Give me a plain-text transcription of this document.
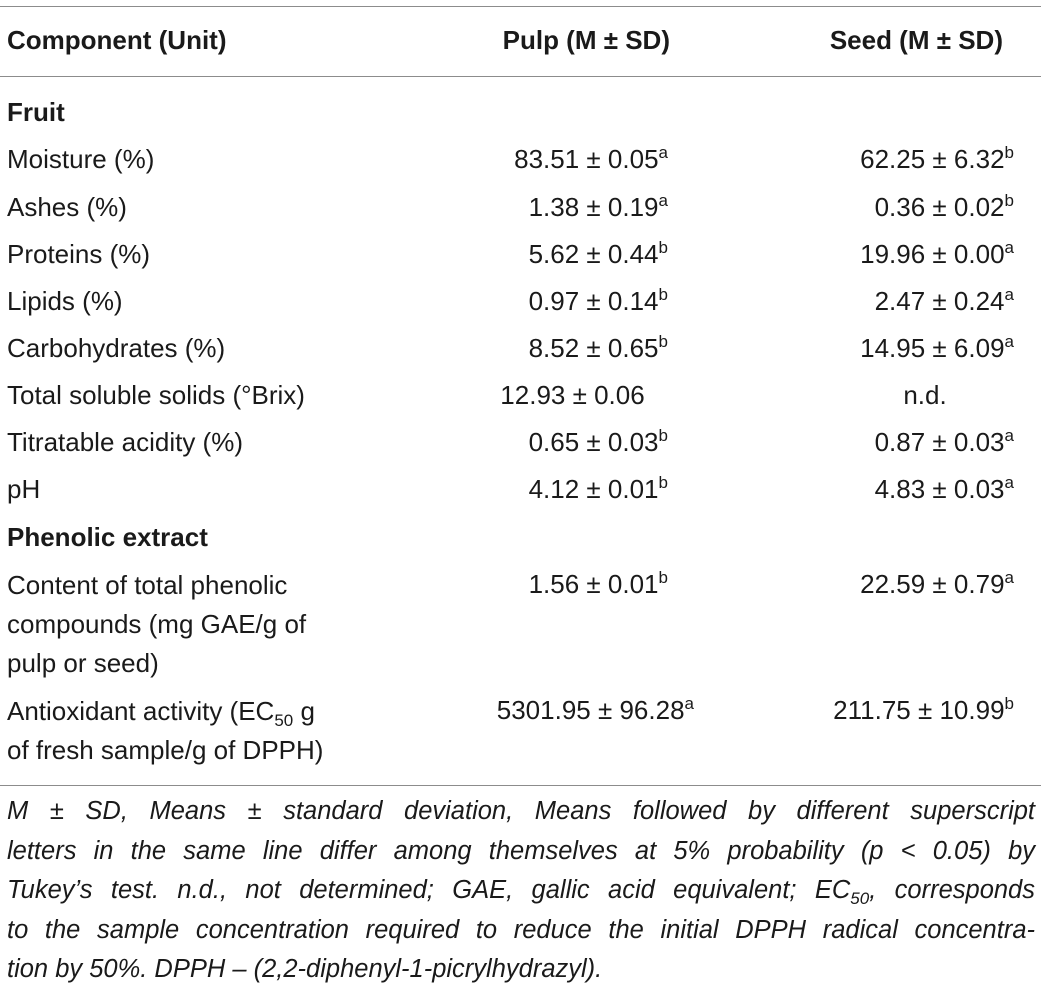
Component (Unit)	Pulp (M ± SD)	Seed (M ± SD)
Fruit
Moisture (%)	83.51 ± 0.05$^a$	62.25 ± 6.32$^b$
Ashes (%)	1.38 ± 0.19$^a$	0.36 ± 0.02$^b$
Proteins (%)	5.62 ± 0.44$^b$	19.96 ± 0.00$^a$
Lipids (%)	0.97 ± 0.14$^b$	2.47 ± 0.24$^a$
Carbohydrates (%)	8.52 ± 0.65$^b$	14.95 ± 6.09$^a$
Total soluble solids (°Brix)	12.93 ± 0.06	n.d.
Titratable acidity (%)	0.65 ± 0.03$^b$	0.87 ± 0.03$^a$
pH	4.12 ± 0.01$^b$	4.83 ± 0.03$^a$
Phenolic extract
Content of total phenolic
compounds (mg GAE/g of
pulp or seed)
1.56 ± 0.01$^b$	22.59 ± 0.79$^a$
Antioxidant activity ($EC_{50}$ g
of fresh sample/g of DPPH)
5301.95 ± 96.28$^a$	211.75 ± 10.99$^b$
M ± SD, Means ± standard deviation, Means followed by different superscript
letters in the same line differ among themselves at 5% probability (p < 0.05) by
Tukey’s test. n.d., not determined; GAE, gallic acid equivalent; $EC_{50}$, corresponds
to the sample concentration required to reduce the initial DPPH radical concentra-
tion by 50%. DPPH – (2,2-diphenyl-1-picrylhydrazyl).
